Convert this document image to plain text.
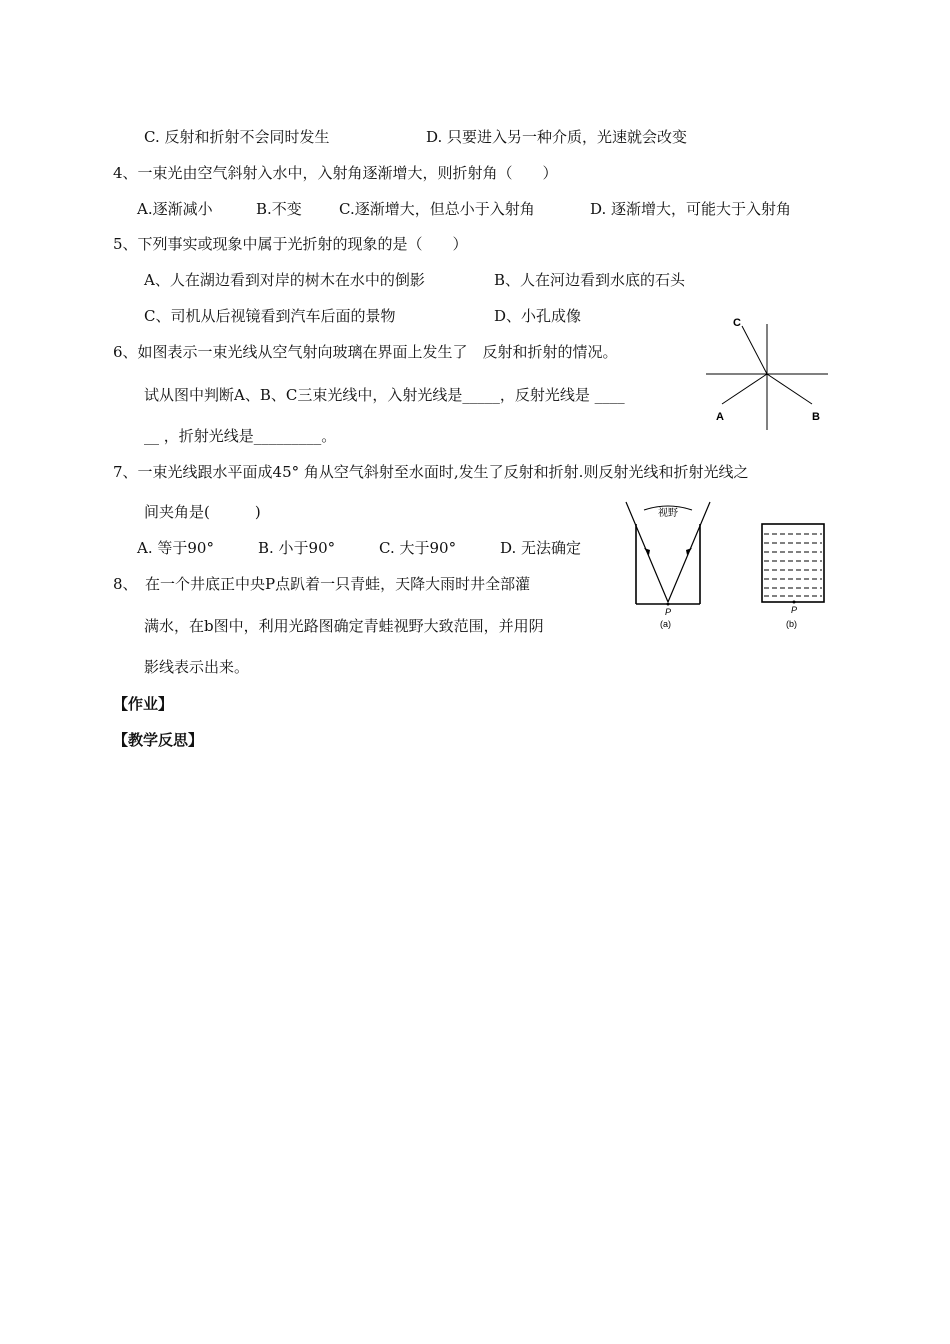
C. 反射和折射不会同时发生	D. 只要进入另一种介质，光速就会改变
4、一束光由空气斜射入水中，入射角逐渐增大，则折射角（　　）
A.逐渐减小	B.不变 C.逐渐增大，但总小于入射角	D. 逐渐增大，可能大于入射角
5、下列事实或现象中属于光折射的现象的是（　　）
A、人在湖边看到对岸的树木在水中的倒影	B、人在河边看到水底的石头
C、司机从后视镜看到汽车后面的景物	D、小孔成像
6、如图表示一束光线从空气射向玻璃在界面上发生了　反射和折射的情况。
试从图中判断A、B、C三束光线中，入射光线是_____，反射光线是 ____
__ ，折射光线是_________。
C
A	B
7、一束光线跟水平面成45° 角从空气斜射至水面时,发生了反射和折射.则反射光线和折射光线之
间夹角是(　　　)
A. 等于90°	B. 小于90°	C. 大于90°	D. 无法确定
8、　在一个井底正中央P点趴着一只青蛙，天降大雨时井全部灌
满水，在b图中，利用光路图确定青蛙视野大致范围，并用阴
影线表示出来。
视野
P
(a)
P
(b)
【作业】
【教学反思】
